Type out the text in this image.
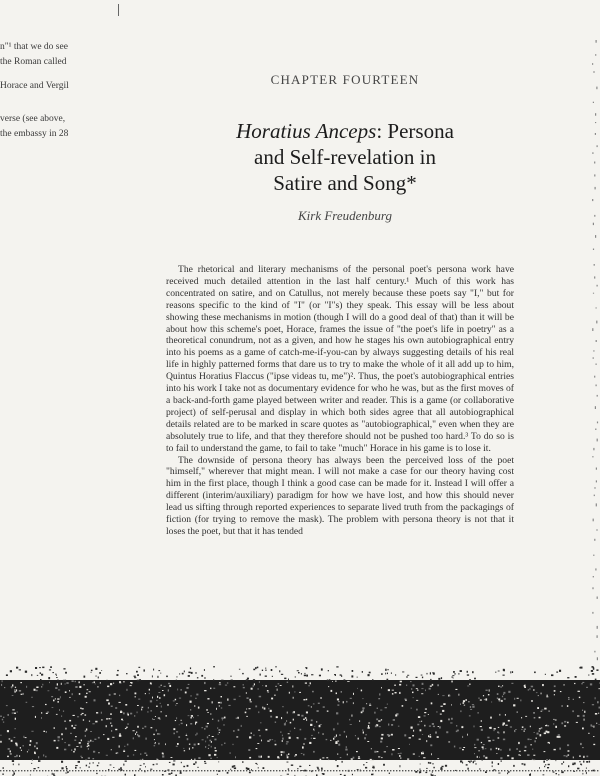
n"¹ that we do see
the Roman called
Horace and Vergil
verse (see above,
the embassy in 28
CHAPTER FOURTEEN
Horatius Anceps: Persona
and Self-revelation in
Satire and Song*
Kirk Freudenburg

The rhetorical and literary mechanisms of the personal poet's persona work have received much detailed attention in the last half century.¹ Much of this work has concentrated on satire, and on Catullus, not merely because these poets say "I," but for reasons specific to the kind of "I" (or "I"s) they speak. This essay will be less about showing these mechanisms in motion (though I will do a good deal of that) than it will be about how this scheme's poet, Horace, frames the issue of "the poet's life in poetry" as a theoretical conundrum, not as a given, and how he stages his own autobiographical entry into his poems as a game of catch-me-if-you-can by always suggesting details of his real life in highly patterned forms that dare us to try to make the whole of it all add up to him, Quintus Horatius Flaccus ("ipse videas tu, me")². Thus, the poet's autobiographical entries into his work I take not as documentary evidence for who he was, but as the first moves of a back-and-forth game played between writer and reader. This is a game (or collaborative project) of self-perusal and display in which both sides agree that all autobiographical details related are to be marked in scare quotes as "autobiographical," even when they are absolutely true to life, and that they therefore should not be pushed too hard.³ To do so is to fail to understand the game, to fail to take "much" Horace in his game is to lose it.

The downside of persona theory has always been the perceived loss of the poet "himself," wherever that might mean. I will not make a case for our theory having cost him in the first place, though I think a good case can be made for it. Instead I will offer a different (interim/auxiliary) paradigm for how we have lost, and how this should never lead us sifting through reported experiences to separate lived truth from the packagings of fiction (for trying to remove the mask). The problem with persona theory is not that it loses the poet, but that it has tended
